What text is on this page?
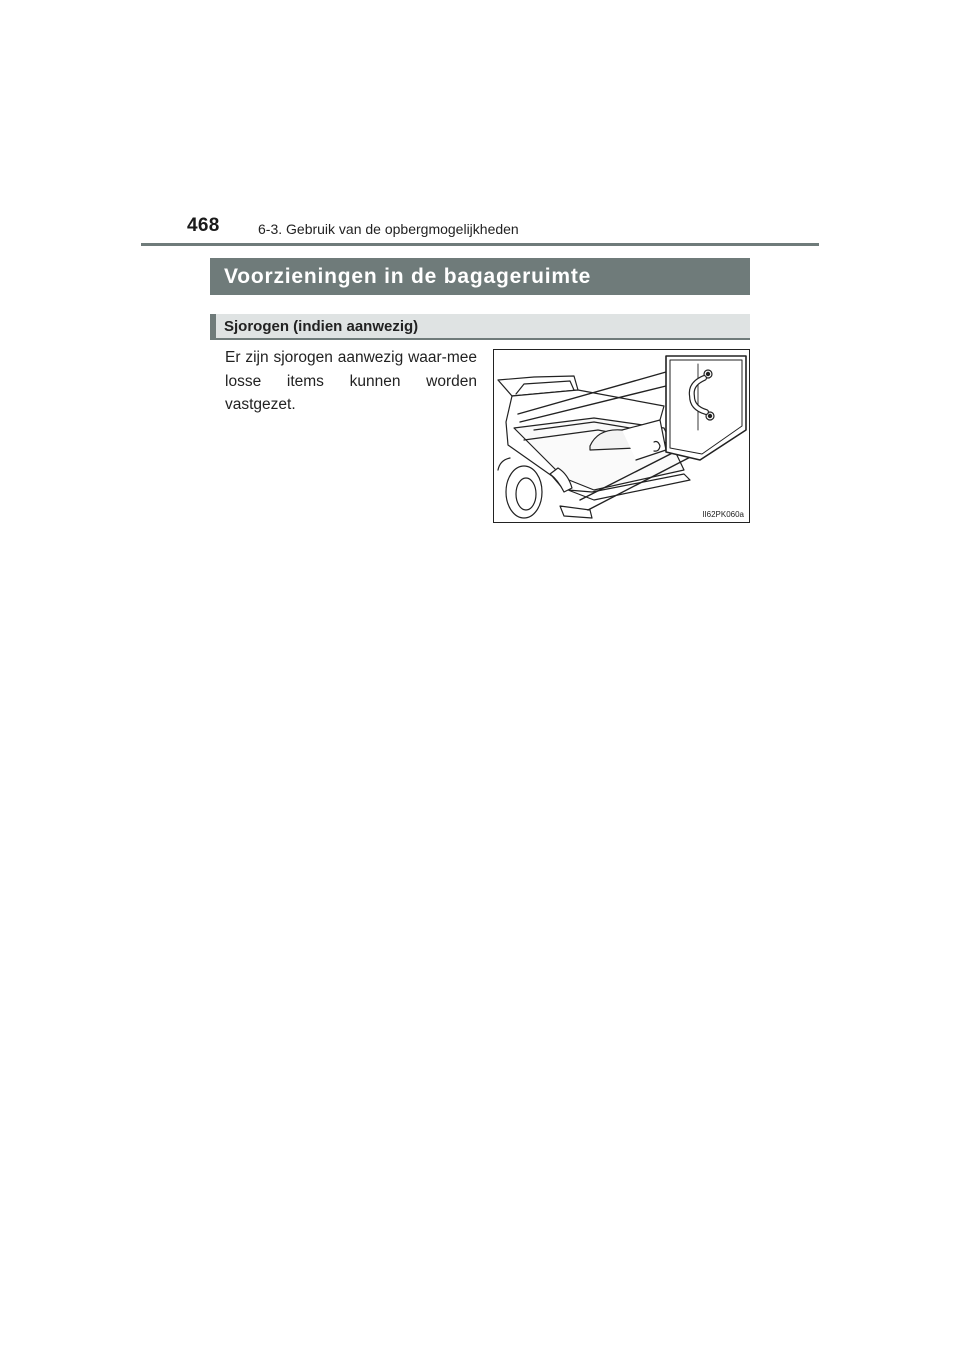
468	6-3. Gebruik van de opbergmogelijkheden
Voorzieningen in de bagageruimte
Sjorogen (indien aanwezig)
Er zijn sjorogen aanwezig waar-mee losse items kunnen worden vastgezet.
II62PK060a
